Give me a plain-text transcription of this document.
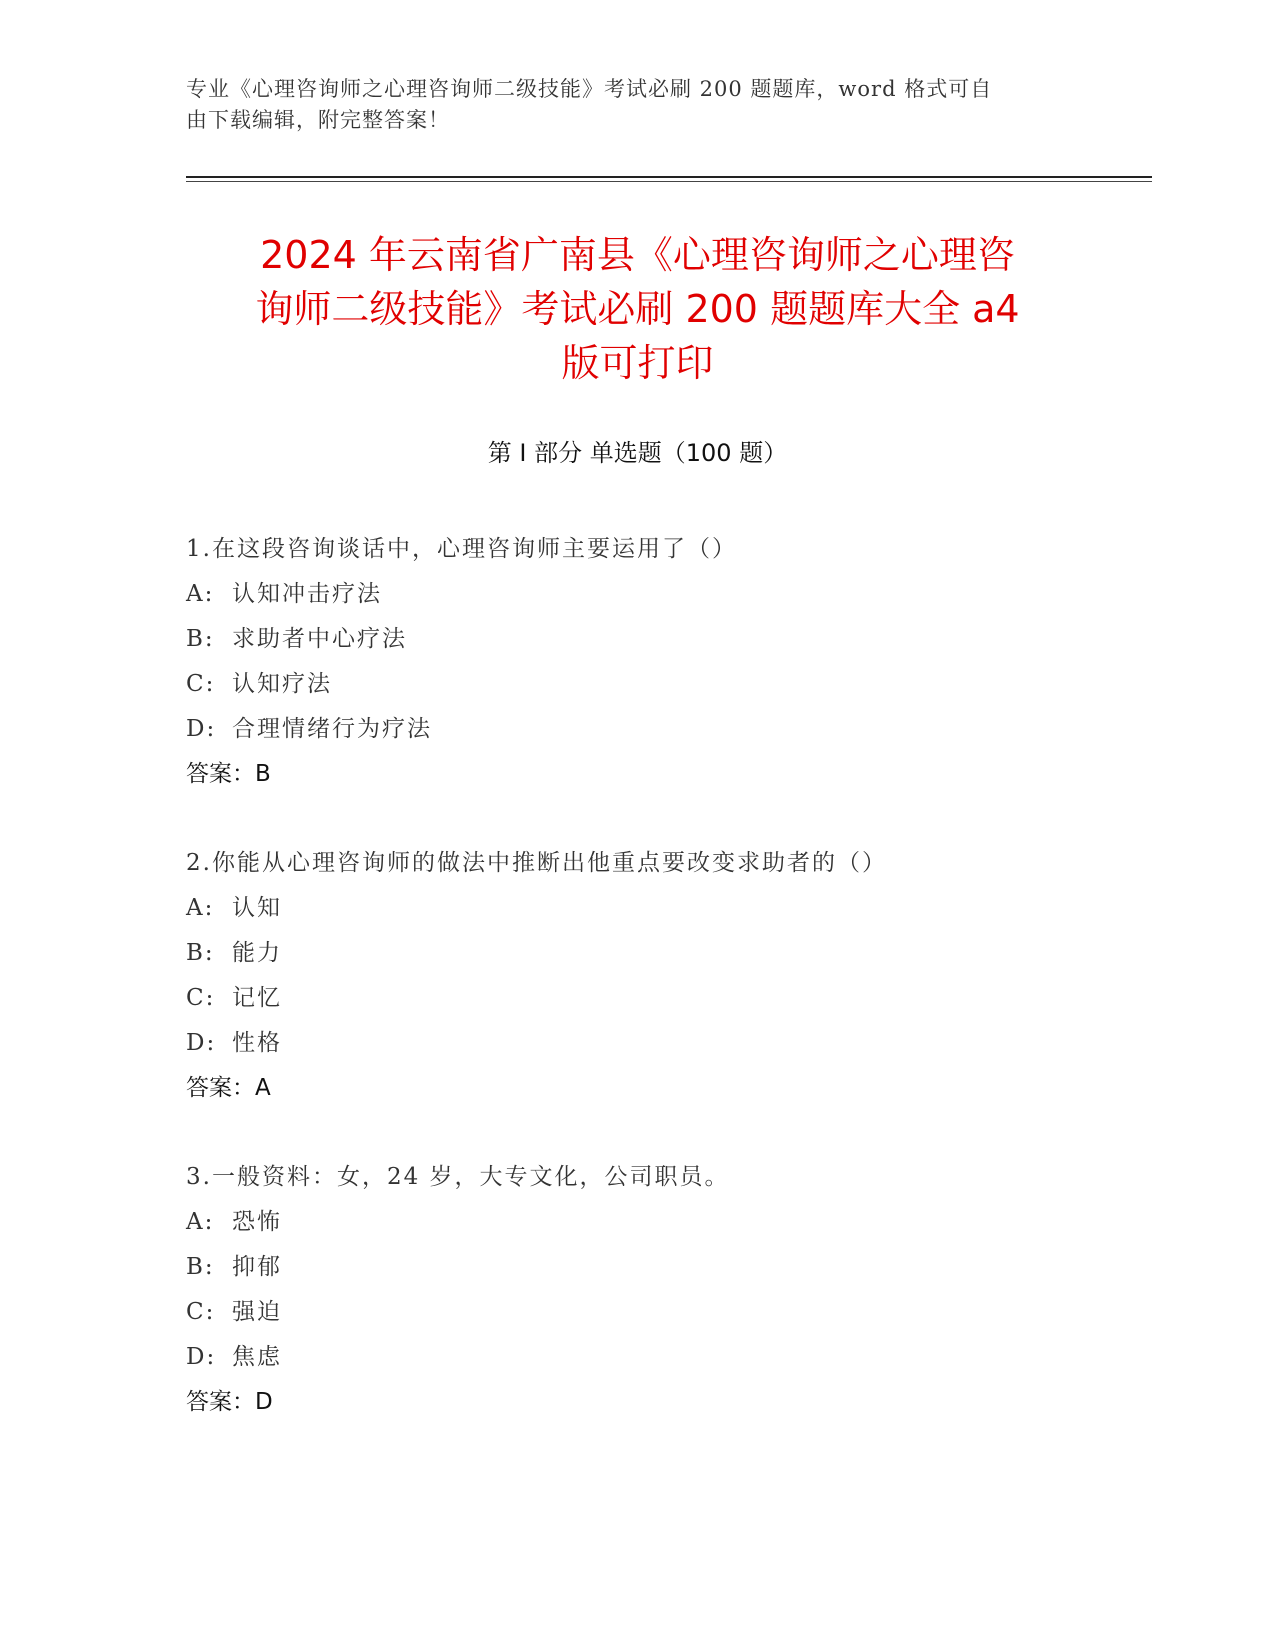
专业《心理咨询师之心理咨询师二级技能》考试必刷 200 题题库，word 格式可自
由下载编辑，附完整答案！
2024 年云南省广南县《心理咨询师之心理咨
询师二级技能》考试必刷 200 题题库大全 a4
版可打印
第 I 部分 单选题（100 题）
1.在这段咨询谈话中，心理咨询师主要运用了（）
A: 认知冲击疗法
B: 求助者中心疗法
C: 认知疗法
D: 合理情绪行为疗法
答案：B
2.你能从心理咨询师的做法中推断出他重点要改变求助者的（）
A: 认知
B: 能力
C: 记忆
D: 性格
答案：A
3.一般资料：女，24 岁，大专文化，公司职员。
A: 恐怖
B: 抑郁
C: 强迫
D: 焦虑
答案：D
